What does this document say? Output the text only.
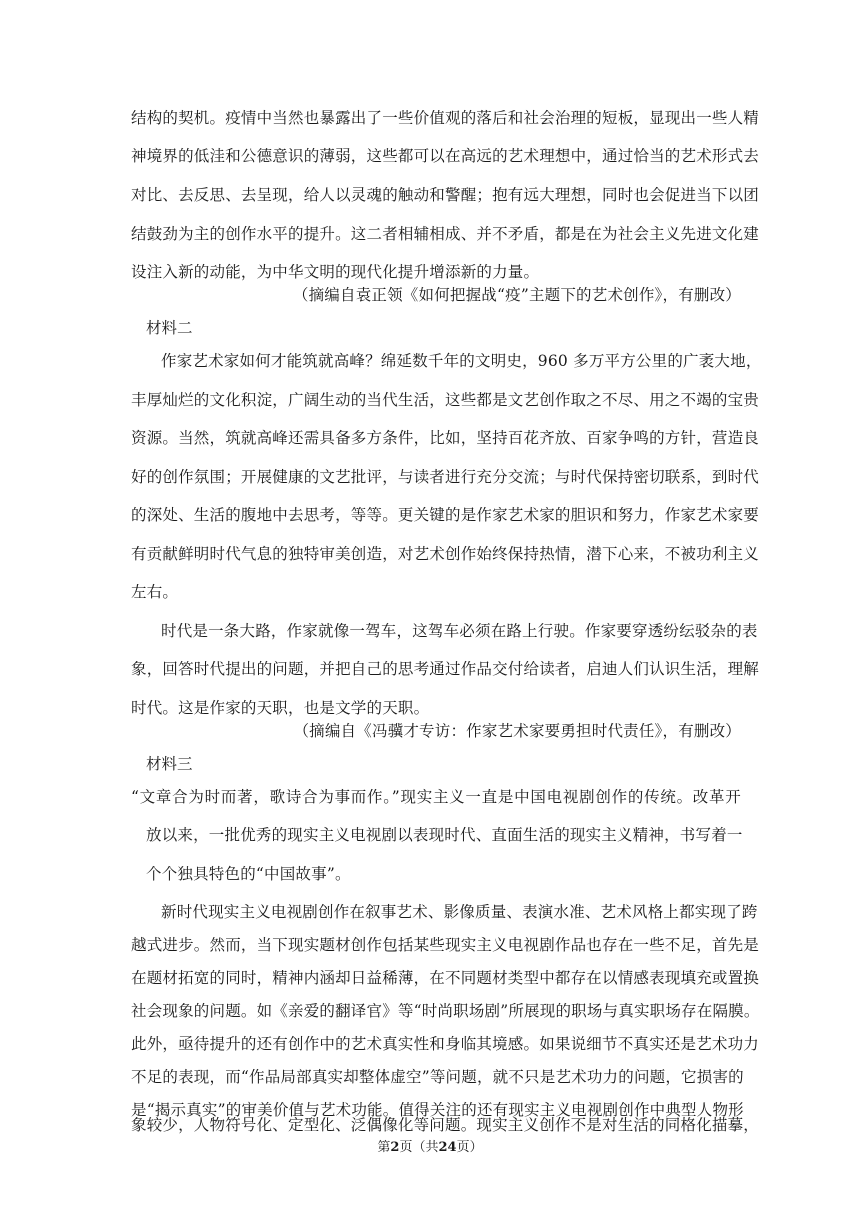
结构的契机。疫情中当然也暴露出了一些价值观的落后和社会治理的短板，显现出一些人精
神境界的低洼和公德意识的薄弱，这些都可以在高远的艺术理想中，通过恰当的艺术形式去
对比、去反思、去呈现，给人以灵魂的触动和警醒；抱有远大理想，同时也会促进当下以团
结鼓劲为主的创作水平的提升。这二者相辅相成、并不矛盾，都是在为社会主义先进文化建
设注入新的动能，为中华文明的现代化提升增添新的力量。
（摘编自袁正领《如何把握战“疫”主题下的艺术创作》，有删改）
材料二
作家艺术家如何才能筑就高峰？绵延数千年的文明史，960 多万平方公里的广袤大地，
丰厚灿烂的文化积淀，广阔生动的当代生活，这些都是文艺创作取之不尽、用之不竭的宝贵
资源。当然，筑就高峰还需具备多方条件，比如，坚持百花齐放、百家争鸣的方针，营造良
好的创作氛围；开展健康的文艺批评，与读者进行充分交流；与时代保持密切联系，到时代
的深处、生活的腹地中去思考，等等。更关键的是作家艺术家的胆识和努力，作家艺术家要
有贡献鲜明时代气息的独特审美创造，对艺术创作始终保持热情，潜下心来，不被功利主义
左右。
时代是一条大路，作家就像一驾车，这驾车必须在路上行驶。作家要穿透纷纭驳杂的表
象，回答时代提出的问题，并把自己的思考通过作品交付给读者，启迪人们认识生活，理解
时代。这是作家的天职，也是文学的天职。
（摘编自《冯骥才专访：作家艺术家要勇担时代责任》，有删改）
材料三
“文章合为时而著，歌诗合为事而作。”现实主义一直是中国电视剧创作的传统。改革开
放以来，一批优秀的现实主义电视剧以表现时代、直面生活的现实主义精神，书写着一
个个独具特色的“中国故事”。
第2页（共24页）
新时代现实主义电视剧创作在叙事艺术、影像质量、表演水准、艺术风格上都实现了跨
越式进步。然而，当下现实题材创作包括某些现实主义电视剧作品也存在一些不足，首先是
在题材拓宽的同时，精神内涵却日益稀薄，在不同题材类型中都存在以情感表现填充或置换
社会现象的问题。如《亲爱的翻译官》等“时尚职场剧”所展现的职场与真实职场存在隔膜。
此外，亟待提升的还有创作中的艺术真实性和身临其境感。如果说细节不真实还是艺术功力
不足的表现，而“作品局部真实却整体虚空”等问题，就不只是艺术功力的问题，它损害的
是“揭示真实”的审美价值与艺术功能。值得关注的还有现实主义电视剧创作中典型人物形
象较少，人物符号化、定型化、泛偶像化等问题。现实主义创作不是对生活的同格化描摹，
